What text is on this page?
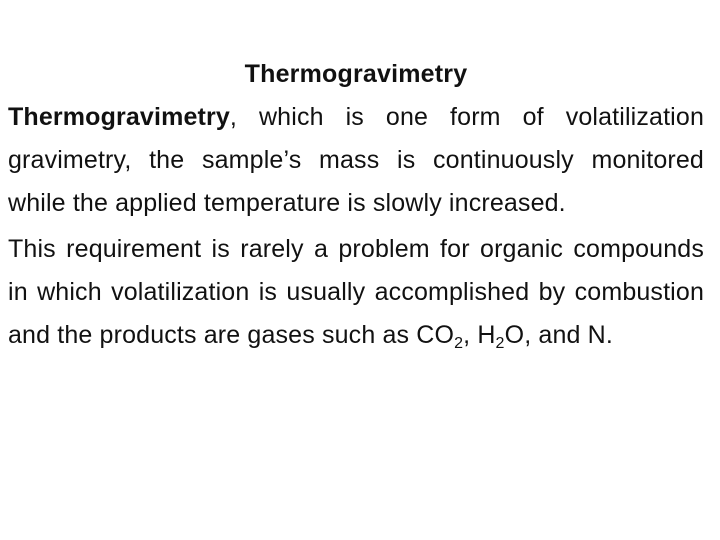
Thermogravimetry

Thermogravimetry, which is one form of volatilization gravimetry, the sample’s mass is continuously monitored while the applied temperature is slowly increased.

This requirement is rarely a problem for organic compounds in which volatilization is usually accomplished by combustion and the products are gases such as $CO_2$, $H_2O$, and N.
